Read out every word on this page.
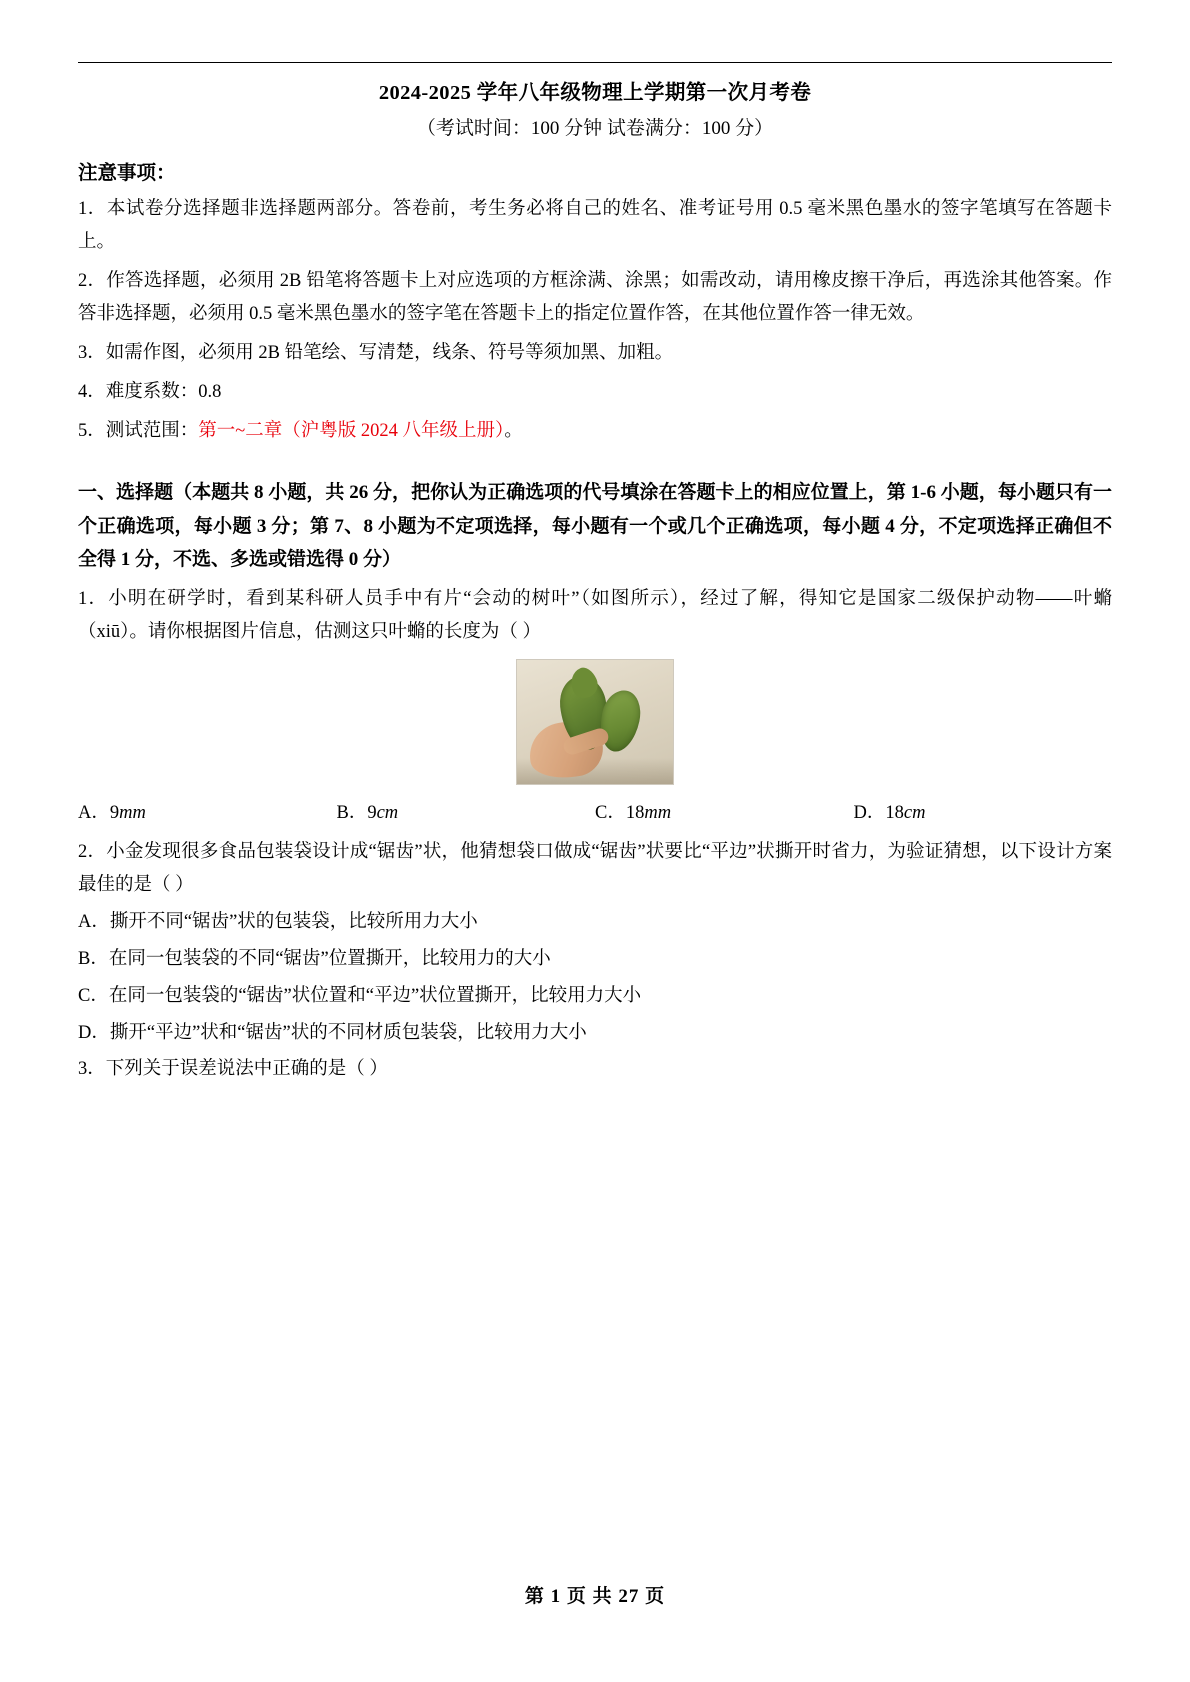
2024-2025 学年八年级物理上学期第一次月考卷
（考试时间：100 分钟 试卷满分：100 分）
注意事项：

1．本试卷分选择题非选择题两部分。答卷前，考生务必将自己的姓名、准考证号用 0.5 毫米黑色墨水的签字笔填写在答题卡上。

2．作答选择题，必须用 2B 铅笔将答题卡上对应选项的方框涂满、涂黑；如需改动，请用橡皮擦干净后，再选涂其他答案。作答非选择题，必须用 0.5 毫米黑色墨水的签字笔在答题卡上的指定位置作答，在其他位置作答一律无效。

3．如需作图，必须用 2B 铅笔绘、写清楚，线条、符号等须加黑、加粗。

4．难度系数：0.8

5．测试范围：第一~二章（沪粤版 2024 八年级上册）。

一、选择题（本题共 8 小题，共 26 分，把你认为正确选项的代号填涂在答题卡上的相应位置上，第 1-6 小题，每小题只有一个正确选项，每小题 3 分；第 7、8 小题为不定项选择，每小题有一个或几个正确选项，每小题 4 分，不定项选择正确但不全得 1 分，不选、多选或错选得 0 分）

1．小明在研学时，看到某科研人员手中有片“会动的树叶”（如图所示），经过了解，得知它是国家二级保护动物——叶䗛（xiū）。请你根据图片信息，估测这只叶䗛的长度为（ ）

A．9mm	B．9cm	C．18mm	D．18cm

2．小金发现很多食品包装袋设计成“锯齿”状，他猜想袋口做成“锯齿”状要比“平边”状撕开时省力，为验证猜想，以下设计方案最佳的是（ ）

A．撕开不同“锯齿”状的包装袋，比较所用力大小

B．在同一包装袋的不同“锯齿”位置撕开，比较用力的大小

C．在同一包装袋的“锯齿”状位置和“平边”状位置撕开，比较用力大小

D．撕开“平边”状和“锯齿”状的不同材质包装袋，比较用力大小

3．下列关于误差说法中正确的是（ ）

第 1 页 共 27 页
